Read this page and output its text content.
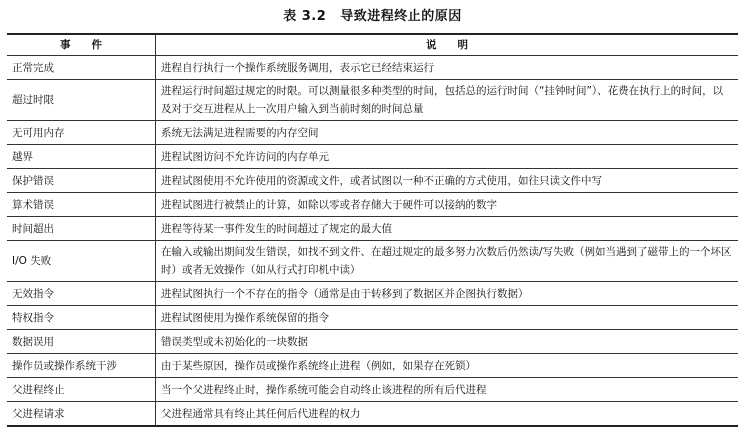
表 3.2 导致进程终止的原因
事　　件	说　　明
正常完成	进程自行执行一个操作系统服务调用，表示它已经结束运行
超过时限	进程运行时间超过规定的时限。可以测量很多种类型的时间，包括总的运行时间（“挂钟时间”）、花费在执行上的时间，以及对于交互进程从上一次用户输入到当前时刻的时间总量
无可用内存	系统无法满足进程需要的内存空间
越界	进程试图访问不允许访问的内存单元
保护错误	进程试图使用不允许使用的资源或文件，或者试图以一种不正确的方式使用，如往只读文件中写
算术错误	进程试图进行被禁止的计算，如除以零或者存储大于硬件可以接纳的数字
时间超出	进程等待某一事件发生的时间超过了规定的最大值
I/O 失败	在输入或输出期间发生错误，如找不到文件、在超过规定的最多努力次数后仍然读/写失败（例如当遇到了磁带上的一个坏区时）或者无效操作（如从行式打印机中读）
无效指令	进程试图执行一个不存在的指令（通常是由于转移到了数据区并企图执行数据）
特权指令	进程试图使用为操作系统保留的指令
数据误用	错误类型或未初始化的一块数据
操作员或操作系统干涉	由于某些原因，操作员或操作系统终止进程（例如，如果存在死锁）
父进程终止	当一个父进程终止时，操作系统可能会自动终止该进程的所有后代进程
父进程请求	父进程通常具有终止其任何后代进程的权力
